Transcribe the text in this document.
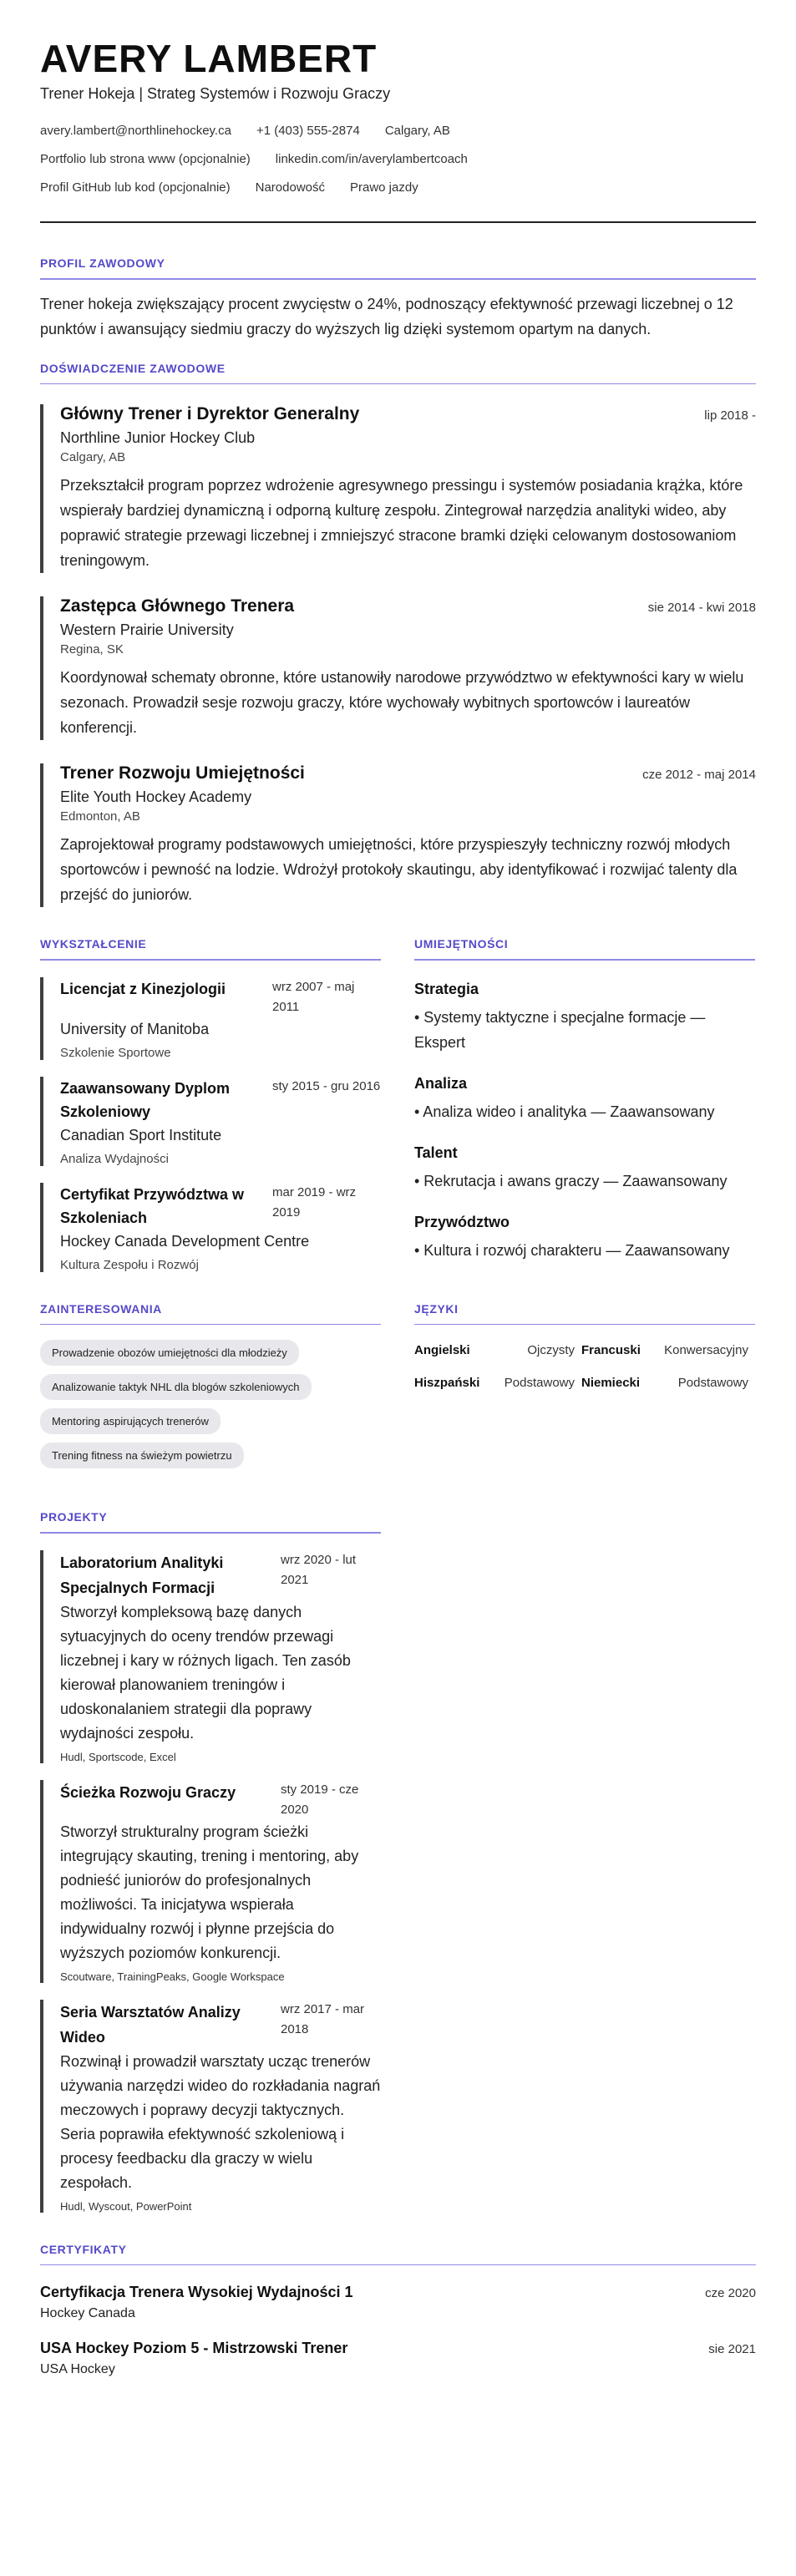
AVERY LAMBERT
Trener Hokeja | Strateg Systemów i Rozwoju Graczy
avery.lambert@northlinehockey.ca +1 (403) 555-2874 Calgary, AB
Portfolio lub strona www (opcjonalnie) linkedin.com/in/averylambertcoach
Profil GitHub lub kod (opcjonalnie) Narodowość Prawo jazdy
PROFIL ZAWODOWY
Trener hokeja zwiększający procent zwycięstw o 24%, podnoszący efektywność przewagi liczebnej o 12 punktów i awansujący siedmiu graczy do wyższych lig dzięki systemom opartym na danych.
DOŚWIADCZENIE ZAWODOWE
Główny Trener i Dyrektor Generalny	lip 2018 -
Northline Junior Hockey Club
Calgary, AB
Przekształcił program poprzez wdrożenie agresywnego pressingu i systemów posiadania krążka, które wspierały bardziej dynamiczną i odporną kulturę zespołu. Zintegrował narzędzia analityki wideo, aby poprawić strategie przewagi liczebnej i zmniejszyć stracone bramki dzięki celowanym dostosowaniom treningowym.
Zastępca Głównego Trenera	sie 2014 - kwi 2018
Western Prairie University
Regina, SK
Koordynował schematy obronne, które ustanowiły narodowe przywództwo w efektywności kary w wielu sezonach. Prowadził sesje rozwoju graczy, które wychowały wybitnych sportowców i laureatów konferencji.
Trener Rozwoju Umiejętności	cze 2012 - maj 2014
Elite Youth Hockey Academy
Edmonton, AB
Zaprojektował programy podstawowych umiejętności, które przyspieszyły techniczny rozwój młodych sportowców i pewność na lodzie. Wdrożył protokoły skautingu, aby identyfikować i rozwijać talenty dla przejść do juniorów.
WYKSZTAŁCENIE
Licencjat z Kinezjologii	wrz 2007 - maj 2011
University of Manitoba
Szkolenie Sportowe
Zaawansowany Dyplom Szkoleniowy
sty 2015 - gru 2016
Canadian Sport Institute
Analiza Wydajności
Certyfikat Przywództwa w Szkoleniach
mar 2019 - wrz 2019
Hockey Canada Development Centre
Kultura Zespołu i Rozwój
UMIEJĘTNOŚCI
Strategia
• Systemy taktyczne i specjalne formacje — Ekspert
Analiza
• Analiza wideo i analityka — Zaawansowany
Talent
• Rekrutacja i awans graczy — Zaawansowany
Przywództwo
• Kultura i rozwój charakteru — Zaawansowany
ZAINTERESOWANIA
Prowadzenie obozów umiejętności dla młodzieży
Analizowanie taktyk NHL dla blogów szkoleniowych
Mentoring aspirujących trenerów
Trening fitness na świeżym powietrzu
JĘZYKI
Angielski	Ojczysty Francuski	Konwersacyjny
Hiszpański	Podstawowy Niemiecki	Podstawowy
PROJEKTY
Laboratorium Analityki Specjalnych Formacji
wrz 2020 - lut 2021
Stworzył kompleksową bazę danych sytuacyjnych do oceny trendów przewagi liczebnej i kary w różnych ligach. Ten zasób kierował planowaniem treningów i udoskonalaniem strategii dla poprawy wydajności zespołu.
Hudl, Sportscode, Excel
Ścieżka Rozwoju Graczy	sty 2019 - cze 2020
Stworzył strukturalny program ścieżki integrujący skauting, trening i mentoring, aby podnieść juniorów do profesjonalnych możliwości. Ta inicjatywa wspierała indywidualny rozwój i płynne przejścia do wyższych poziomów konkurencji.
Scoutware, TrainingPeaks, Google Workspace
Seria Warsztatów Analizy Wideo
wrz 2017 - mar 2018
Rozwinął i prowadził warsztaty ucząc trenerów używania narzędzi wideo do rozkładania nagrań meczowych i poprawy decyzji taktycznych. Seria poprawiła efektywność szkoleniową i procesy feedbacku dla graczy w wielu zespołach.
Hudl, Wyscout, PowerPoint
CERTYFIKATY
Certyfikacja Trenera Wysokiej Wydajności 1	cze 2020
Hockey Canada
USA Hockey Poziom 5 - Mistrzowski Trener	sie 2021
USA Hockey
